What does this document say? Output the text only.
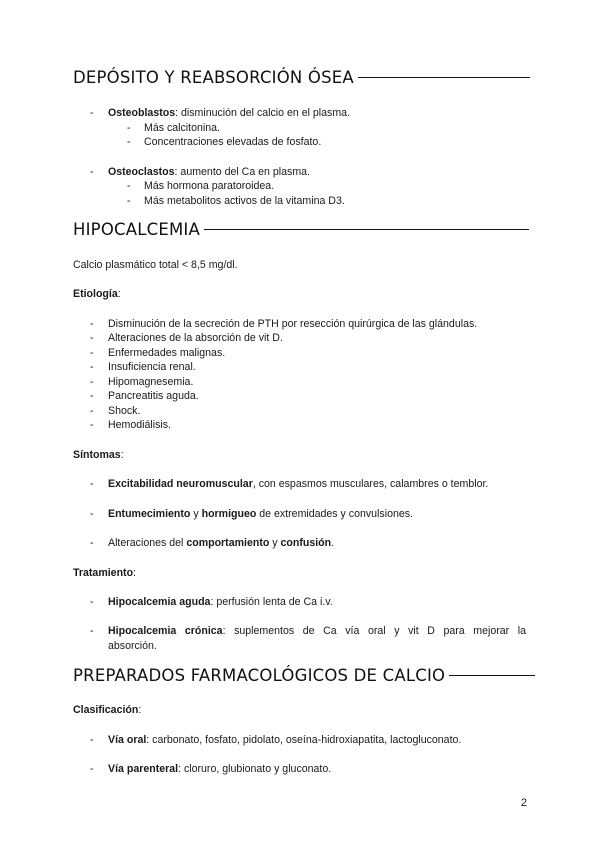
DEPÓSITO Y REABSORCIÓN ÓSEA
- Osteoblastos: disminución del calcio en el plasma.
- Más calcitonina.
- Concentraciones elevadas de fosfato.
- Osteoclastos: aumento del Ca en plasma.
- Más hormona paratoroidea.
- Más metabolitos activos de la vitamina D3.
HIPOCALCEMIA
Calcio plasmático total < 8,5 mg/dl.
Etiología:
- Disminución de la secreción de PTH por resección quirúrgica de las glándulas.
- Alteraciones de la absorción de vit D.
- Enfermedades malignas.
- Insuficiencia renal.
- Hipomagnesemia.
- Pancreatitis aguda.
- Shock.
- Hemodiálisis.
Síntomas:
- Excitabilidad neuromuscular, con espasmos musculares, calambres o temblor.
- Entumecimiento y hormigueo de extremidades y convulsiones.
- Alteraciones del comportamiento y confusión.
Tratamiento:
- Hipocalcemia aguda: perfusión lenta de Ca i.v.
- Hipocalcemia crónica: suplementos de Ca vía oral y vit D para mejorar la absorción.
PREPARADOS FARMACOLÓGICOS DE CALCIO
Clasificación:
- Vía oral: carbonato, fosfato, pidolato, oseína-hidroxiapatita, lactogluconato.
- Vía parenteral: cloruro, glubionato y gluconato.
2
